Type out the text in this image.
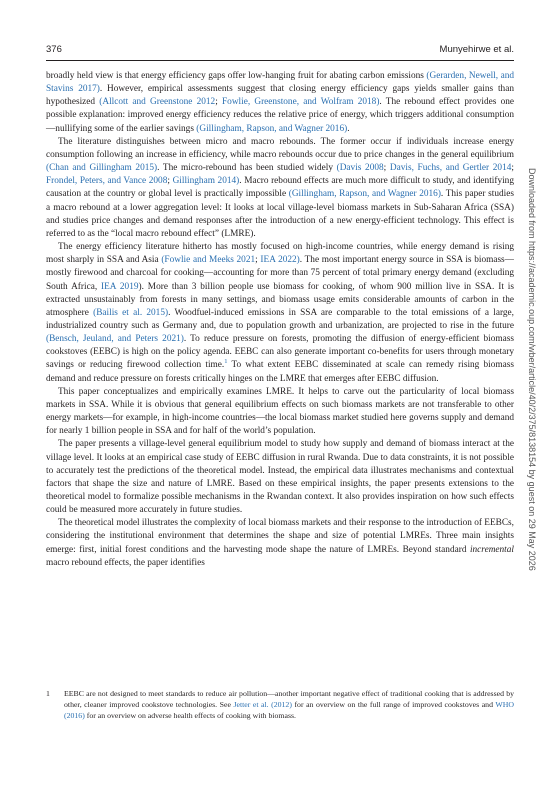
376	Munyehirwe et al.

broadly held view is that energy efficiency gaps offer low-hanging fruit for abating carbon emissions (Gerarden, Newell, and Stavins 2017). However, empirical assessments suggest that closing energy efficiency gaps yields smaller gains than hypothesized (Allcott and Greenstone 2012; Fowlie, Greenstone, and Wolfram 2018). The rebound effect provides one possible explanation: improved energy efficiency reduces the relative price of energy, which triggers additional consumption—nullifying some of the earlier savings (Gillingham, Rapson, and Wagner 2016).

The literature distinguishes between micro and macro rebounds. The former occur if individuals increase energy consumption following an increase in efficiency, while macro rebounds occur due to price changes in the general equilibrium (Chan and Gillingham 2015). The micro-rebound has been studied widely (Davis 2008; Davis, Fuchs, and Gertler 2014; Frondel, Peters, and Vance 2008; Gillingham 2014). Macro rebound effects are much more difficult to study, and identifying causation at the country or global level is practically impossible (Gillingham, Rapson, and Wagner 2016). This paper studies a macro rebound at a lower aggregation level: It looks at local village-level biomass markets in Sub-Saharan Africa (SSA) and studies price changes and demand responses after the introduction of a new energy-efficient technology. This effect is referred to as the “local macro rebound effect” (LMRE).

The energy efficiency literature hitherto has mostly focused on high-income countries, while energy demand is rising most sharply in SSA and Asia (Fowlie and Meeks 2021; IEA 2022). The most important energy source in SSA is biomass—mostly firewood and charcoal for cooking—accounting for more than 75 percent of total primary energy demand (excluding South Africa, IEA 2019). More than 3 billion people use biomass for cooking, of whom 900 million live in SSA. It is extracted unsustainably from forests in many settings, and biomass usage emits considerable amounts of carbon in the atmosphere (Bailis et al. 2015). Woodfuel-induced emissions in SSA are comparable to the total emissions of a large, industrialized country such as Germany and, due to population growth and urbanization, are projected to rise in the future (Bensch, Jeuland, and Peters 2021). To reduce pressure on forests, promoting the diffusion of energy-efficient biomass cookstoves (EEBC) is high on the policy agenda. EEBC can also generate important co-benefits for users through monetary savings or reducing firewood collection time.$^1$ To what extent EEBC disseminated at scale can remedy rising biomass demand and reduce pressure on forests critically hinges on the LMRE that emerges after EEBC diffusion.

This paper conceptualizes and empirically examines LMRE. It helps to carve out the particularity of local biomass markets in SSA. While it is obvious that general equilibrium effects on such biomass markets are not transferable to other energy markets—for example, in high-income countries—the local biomass market studied here governs supply and demand for nearly 1 billion people in SSA and for half of the world’s population.

The paper presents a village-level general equilibrium model to study how supply and demand of biomass interact at the village level. It looks at an empirical case study of EEBC diffusion in rural Rwanda. Due to data constraints, it is not possible to accurately test the predictions of the theoretical model. Instead, the empirical data illustrates mechanisms and contextual factors that shape the size and nature of LMRE. Based on these empirical insights, the paper presents extensions to the theoretical model to formalize possible mechanisms in the Rwandan context. It also provides inspiration on how such effects could be measured more accurately in future studies.

The theoretical model illustrates the complexity of local biomass markets and their response to the introduction of EEBCs, considering the institutional environment that determines the shape and size of potential LMREs. Three main insights emerge: first, initial forest conditions and the harvesting mode shape the nature of LMREs. Beyond standard incremental macro rebound effects, the paper identifies

1 EEBC are not designed to meet standards to reduce air pollution—another important negative effect of traditional cooking that is addressed by other, cleaner improved cookstove technologies. See Jetter et al. (2012) for an overview on the full range of improved cookstoves and WHO (2016) for an overview on adverse health effects of cooking with biomass.
Downloaded from https://academic.oup.com/wber/article/40/2/375/8138154 by guest on 29 May 2026
